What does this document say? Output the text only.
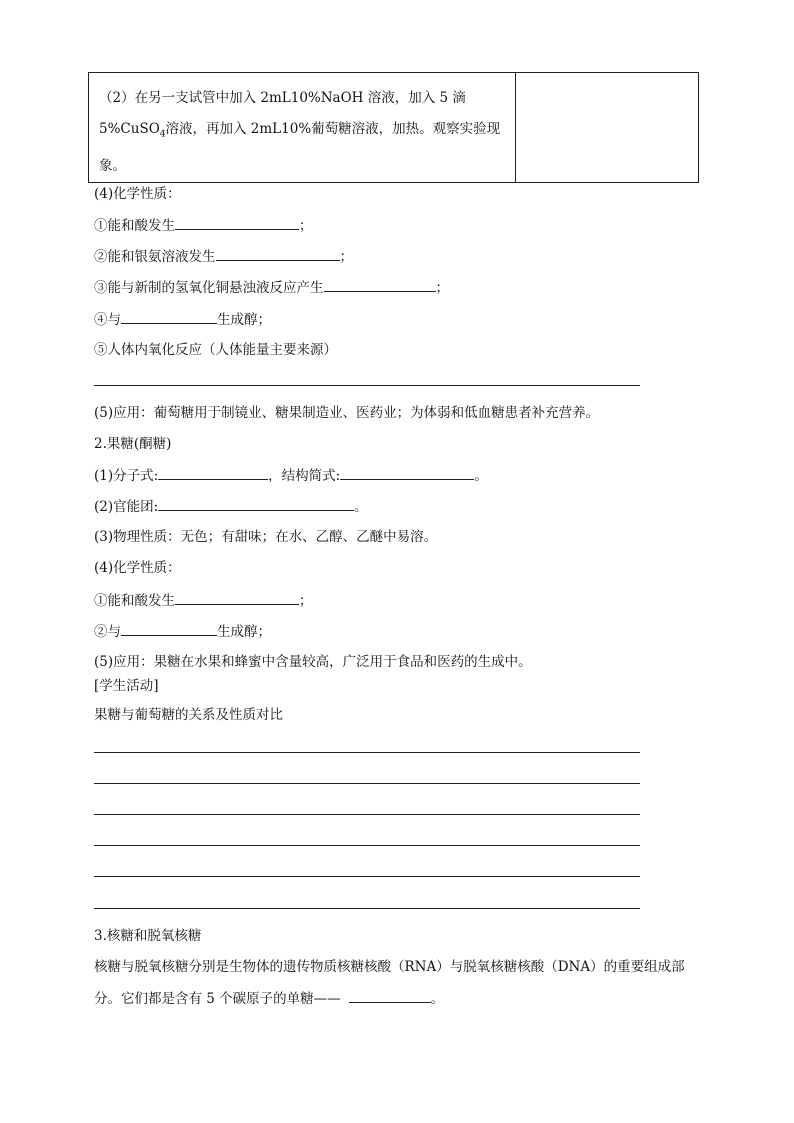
（2）在另一支试管中加入 2mL10%NaOH 溶液，加入 5 滴
5%CuSO$_4$溶液，再加入 2mL10%葡萄糖溶液，加热。观察实验现
象。

(4)化学性质：
①能和酸发生	；
②能和银氨溶液发生	；
③能与新制的氢氧化铜悬浊液反应产生	；
④与	生成醇；
⑤人体内氧化反应（人体能量主要来源）
(5)应用：葡萄糖用于制镜业、糖果制造业、医药业；为体弱和低血糖患者补充营养。
2.果糖(酮糖)
(1)分子式:	，结构简式:	。
(2)官能团:	。
(3)物理性质：无色；有甜味；在水、乙醇、乙醚中易溶。
(4)化学性质：
①能和酸发生	；
②与	生成醇；
(5)应用：果糖在水果和蜂蜜中含量较高，广泛用于食品和医药的生成中。
[学生活动]
果糖与葡萄糖的关系及性质对比
3.核糖和脱氧核糖
核糖与脱氧核糖分别是生物体的遗传物质核糖核酸（RNA）与脱氧核糖核酸（DNA）的重要组成部
分。它们都是含有 5 个碳原子的单糖——	。
